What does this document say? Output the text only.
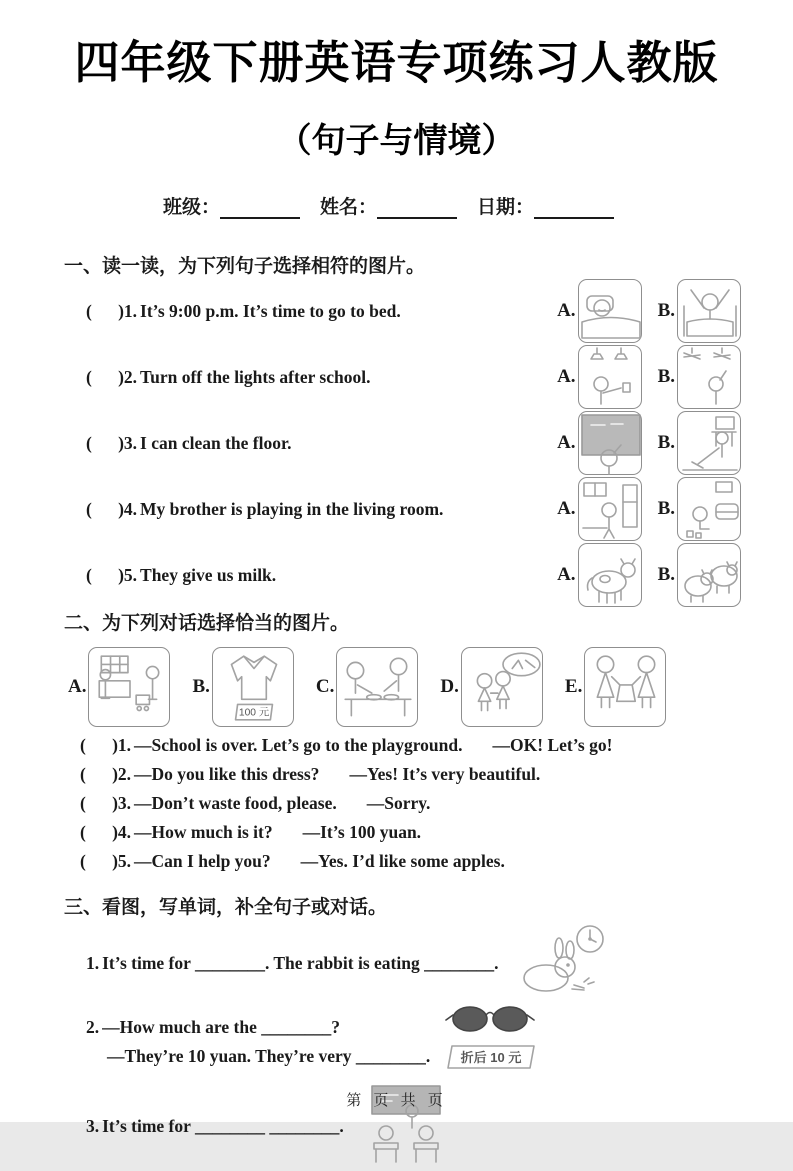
四年级下册英语专项练习人教版
（句子与情境）
班级：	姓名：	日期：
一、读一读，为下列句子选择相符的图片。
(      )1. It’s 9:00 p.m. It’s time to go to bed.	A.	B.
(      )2. Turn off the lights after school.	A.	B.
(      )3. I can clean the floor.	A.	B.
(      )4. My brother is playing in the living room.	A.	B.
(      )5. They give us milk.	A.	B.
二、为下列对话选择恰当的图片。
A.	B.
100 元
C.	D.	E.
(      ) 1. —School is over. Let’s go to the playground. —OK! Let’s go!
(      ) 2. —Do you like this dress? —Yes! It’s very beautiful.
(      ) 3. —Don’t waste food, please. —Sorry.
(      ) 4. —How much is it? —It’s 100 yuan.
(      ) 5. —Can I help you? —Yes. I’d like some apples.
三、看图，写单词，补全句子或对话。
1. It’s time for ________. The rabbit is eating ________.
2. —How much are the ________?
—They’re 10 yuan. They’re very ________. 折后 10 元
3. It’s time for ________ ________.
第 页 共 页
